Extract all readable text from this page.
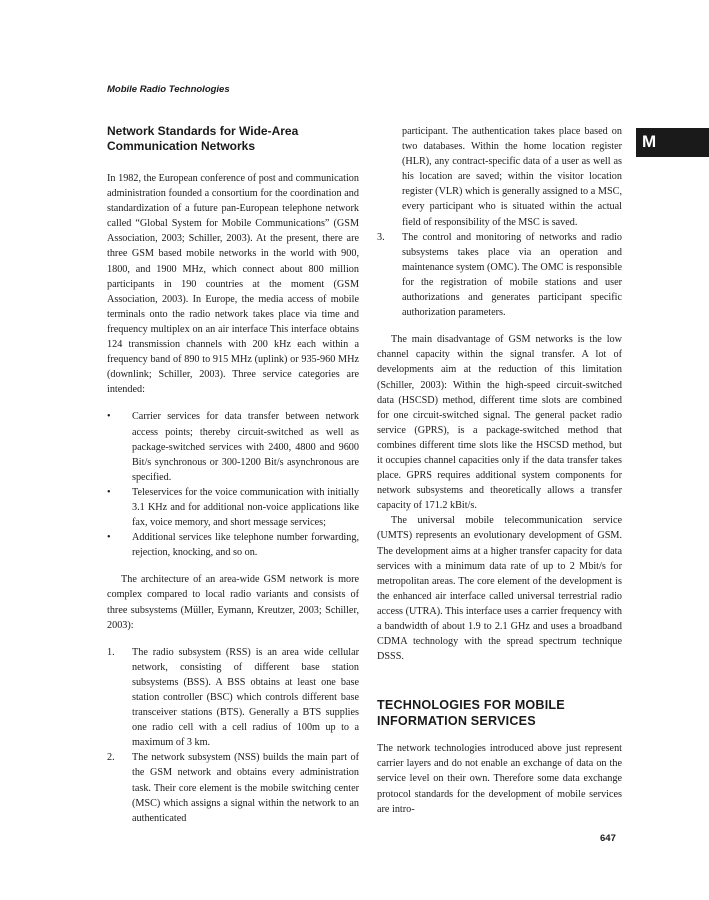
Mobile Radio Technologies
M
Network Standards for Wide-Area
Communication Networks

In 1982, the European conference of post and communication administration founded a consortium for the coordination and standardization of a future pan-European telephone network called “Global System for Mobile Communications” (GSM Association, 2003; Schiller, 2003). At the present, there are three GSM based mobile networks in the world with 900, 1800, and 1900 MHz, which connect about 800 million participants in 190 countries at the moment (GSM Association, 2003). In Europe, the media access of mobile terminals onto the radio network takes place via time and frequency multiplex on an air interface This interface obtains 124 transmission channels with 200 kHz each within a frequency band of 890 to 915 MHz (uplink) or 935-960 MHz (downlink; Schiller, 2003). Three service categories are intended:

• Carrier services for data transfer between network access points; thereby circuit-switched as well as package-switched services with 2400, 4800 and 9600 Bit/s synchronous or 300-1200 Bit/s asynchronous are specified.
• Teleservices for the voice communication with initially 3.1 KHz and for additional non-voice applications like fax, voice memory, and short message services;
• Additional services like telephone number forwarding, rejection, knocking, and so on.

The architecture of an area-wide GSM network is more complex compared to local radio variants and consists of three subsystems (Müller, Eymann, Kreutzer, 2003; Schiller, 2003):

1. The radio subsystem (RSS) is an area wide cellular network, consisting of different base station subsystems (BSS). A BSS obtains at least one base station controller (BSC) which controls different base transceiver stations (BTS). Generally a BTS supplies one radio cell with a cell radius of 100m up to a maximum of 3 km.
2. The network subsystem (NSS) builds the main part of the GSM network and obtains every administration task. Their core element is the mobile switching center (MSC) which assigns a signal within the network to an authenticated
participant. The authentication takes place based on two databases. Within the home location register (HLR), any contract-specific data of a user as well as his location are saved; within the visitor location register (VLR) which is generally assigned to a MSC, every participant who is situated within the actual field of responsibility of the MSC is saved.
3. The control and monitoring of networks and radio subsystems takes place via an operation and maintenance system (OMC). The OMC is responsible for the registration of mobile stations and user authorizations and generates participant specific authorization parameters.

The main disadvantage of GSM networks is the low channel capacity within the signal transfer. A lot of developments aim at the reduction of this limitation (Schiller, 2003): Within the high-speed circuit-switched data (HSCSD) method, different time slots are combined for one circuit-switched signal. The general packet radio service (GPRS), is a package-switched method that combines different time slots like the HSCSD method, but it occupies channel capacities only if the data transfer takes place. GPRS requires additional system components for network subsystems and theoretically allows a transfer capacity of 171.2 kBit/s.

The universal mobile telecommunication service (UMTS) represents an evolutionary development of GSM. The development aims at a higher transfer capacity for data services with a minimum data rate of up to 2 Mbit/s for metropolitan areas. The core element of the development is the enhanced air interface called universal terrestrial radio access (UTRA). This interface uses a carrier frequency with a bandwidth of about 1.9 to 2.1 GHz and uses a broadband CDMA technology with the spread spectrum technique DSSS.

TECHNOLOGIES FOR MOBILE
INFORMATION SERVICES

The network technologies introduced above just represent carrier layers and do not enable an exchange of data on the service level on their own. Therefore some data exchange protocol standards for the development of mobile services are intro-

647
